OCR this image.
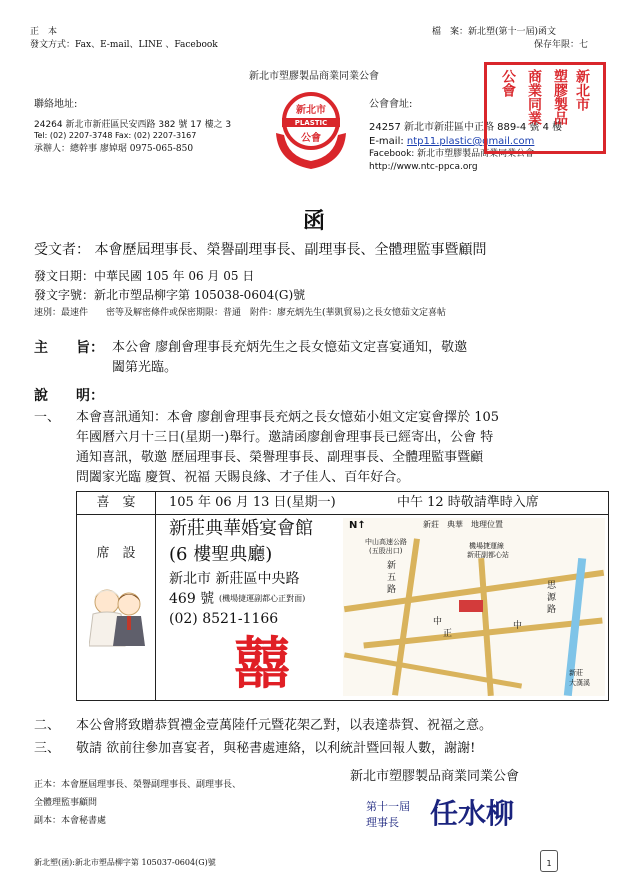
正　本
發文方式：Fax、E-mail、LINE 、Facebook
檔　案：新北塑(第十一屆)函文
保存年限：七
新北市塑膠製品商業同業公會
聯絡地址:
24264 新北市新莊區民安西路 382 號 17 樓之 3
Tel: (02) 2207-3748 Fax: (02) 2207-3167
承辦人：總幹事 廖婥琚 0975-065-850
新北市
PLASTIC
公會
公會會址:
24257 新北市新莊區中正路 889-4 號 4 樓
E-mail: ntp11.plastic@gmail.com
Facebook: 新北市塑膠製品商業同業公會
http://www.ntc-ppca.org
塑膠製品 新北市
商業同業
公會
函
受文者： 本會歷屆理事長、榮譽副理事長、副理事長、全體理監事暨顧問
發文日期：中華民國 105 年 06 月 05 日
發文字號：新北市塑品柳字第 105038-0604(G)號
速別：最速件　　密等及解密條件或保密期限：普通　附件：廖充炳先生(華凱貿易)之長女憶茹文定喜帖
主　　旨： 本公會 廖創會理事長充炳先生之長女憶茹文定喜宴通知，敬邀
闔第光臨。
說　　明：
一、 本會喜訊通知：本會 廖創會理事長充炳之長女憶茹小姐文定宴會擇於 105
年國曆六月十三日(星期一)舉行。邀請函廖創會理事長已經寄出，公會 特
通知喜訊，敬邀 歷屆理事長、榮譽理事長、副理事長、全體理監事暨顧
問闔家光臨 慶賀、祝福 天賜良緣、才子佳人、百年好合。
喜　宴	105 年 06 月 13 日(星期一)	中午 12 時敬請準時入席
席　設
新莊典華婚宴會館
(6 樓聖典廳)
新北市 新莊區中央路
469 號 (機場捷運副都心正對面)
(02) 8521-1166
囍
新莊　典華　地理位置
N↑
中山高速公路
(五股出口)
機場捷運線
新莊副都心站
中	中
正
新
五
路	思
源
路
大漢溪
新莊
二、 本公會將致贈恭賀禮金壹萬陸仟元暨花架乙對，以表達恭賀、祝福之意。
三、 敬請 欲前往參加喜宴者，與秘書處連絡，以利統計暨回報人數，謝謝!
正本：本會歷屆理事長、榮譽副理事長、副理事長、
全體理監事顧問
副本：本會秘書處
新北市塑膠製品商業同業公會
第十一屆
理事長 任水柳
新北塑(函):新北市塑品柳字第 105037-0604(G)號	1
